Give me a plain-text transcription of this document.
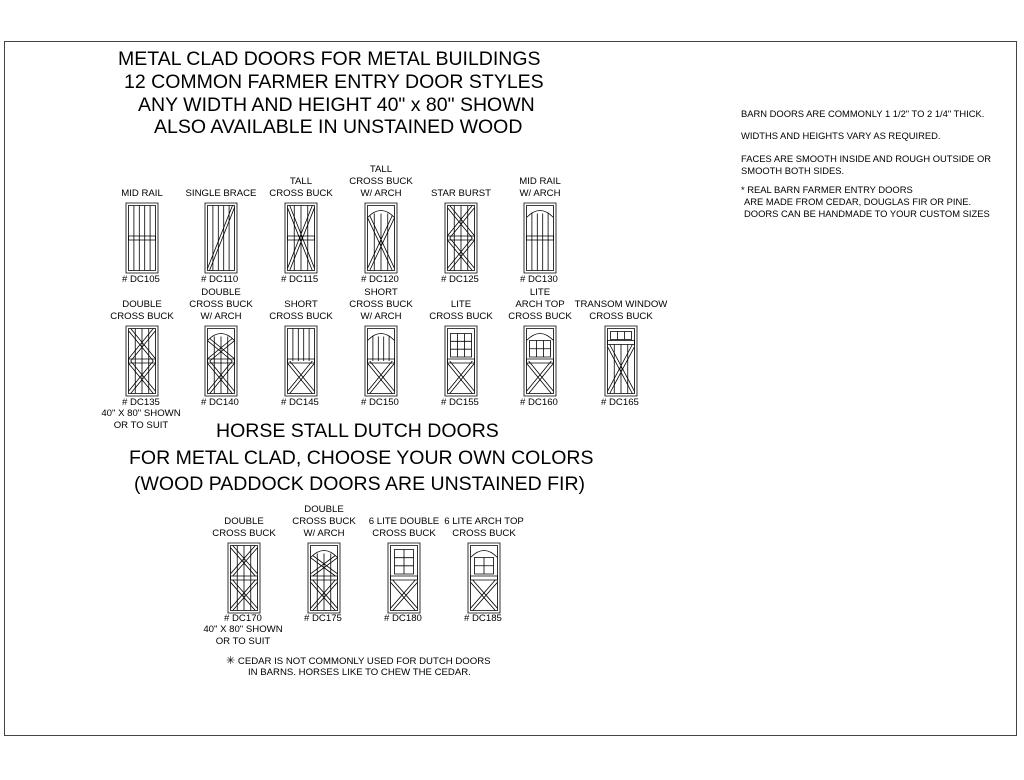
METAL CLAD DOORS FOR METAL BUILDINGS
12 COMMON FARMER ENTRY DOOR STYLES
ANY WIDTH AND HEIGHT 40" x 80" SHOWN
ALSO AVAILABLE IN UNSTAINED WOOD
BARN DOORS ARE COMMONLY 1 1/2" TO 2 1/4" THICK.
WIDTHS AND HEIGHTS VARY AS REQUIRED.
FACES ARE SMOOTH INSIDE AND ROUGH OUTSIDE OR
SMOOTH BOTH SIDES.
* REAL BARN FARMER ENTRY DOORS
ARE MADE FROM CEDAR, DOUGLAS FIR OR PINE.
DOORS CAN BE HANDMADE TO YOUR CUSTOM SIZES
MID RAIL
# DC105
SINGLE BRACE
# DC110
TALL
CROSS BUCK
# DC115
TALL
CROSS BUCK
W/ ARCH
# DC120
STAR BURST
# DC125
MID RAIL
W/ ARCH
# DC130
DOUBLE
CROSS BUCK
# DC135
DOUBLE
CROSS BUCK
W/ ARCH
# DC140
SHORT
CROSS BUCK
# DC145
SHORT
CROSS BUCK
W/ ARCH
# DC150
LITE
CROSS BUCK
# DC155
LITE
ARCH TOP
CROSS BUCK
# DC160
TRANSOM WINDOW
CROSS BUCK
# DC165
DOUBLE
CROSS BUCK
# DC170
DOUBLE
CROSS BUCK
W/ ARCH
# DC175
6 LITE DOUBLE
CROSS BUCK
# DC180
6 LITE ARCH TOP
CROSS BUCK
# DC185
40" X 80" SHOWN
OR TO SUIT	HORSE STALL DUTCH DOORS
FOR METAL CLAD, CHOOSE YOUR OWN COLORS
(WOOD PADDOCK DOORS ARE UNSTAINED FIR)
40" X 80" SHOWN
OR TO SUIT
✳ CEDAR IS NOT COMMONLY USED FOR DUTCH DOORS
IN BARNS. HORSES LIKE TO CHEW THE CEDAR.
